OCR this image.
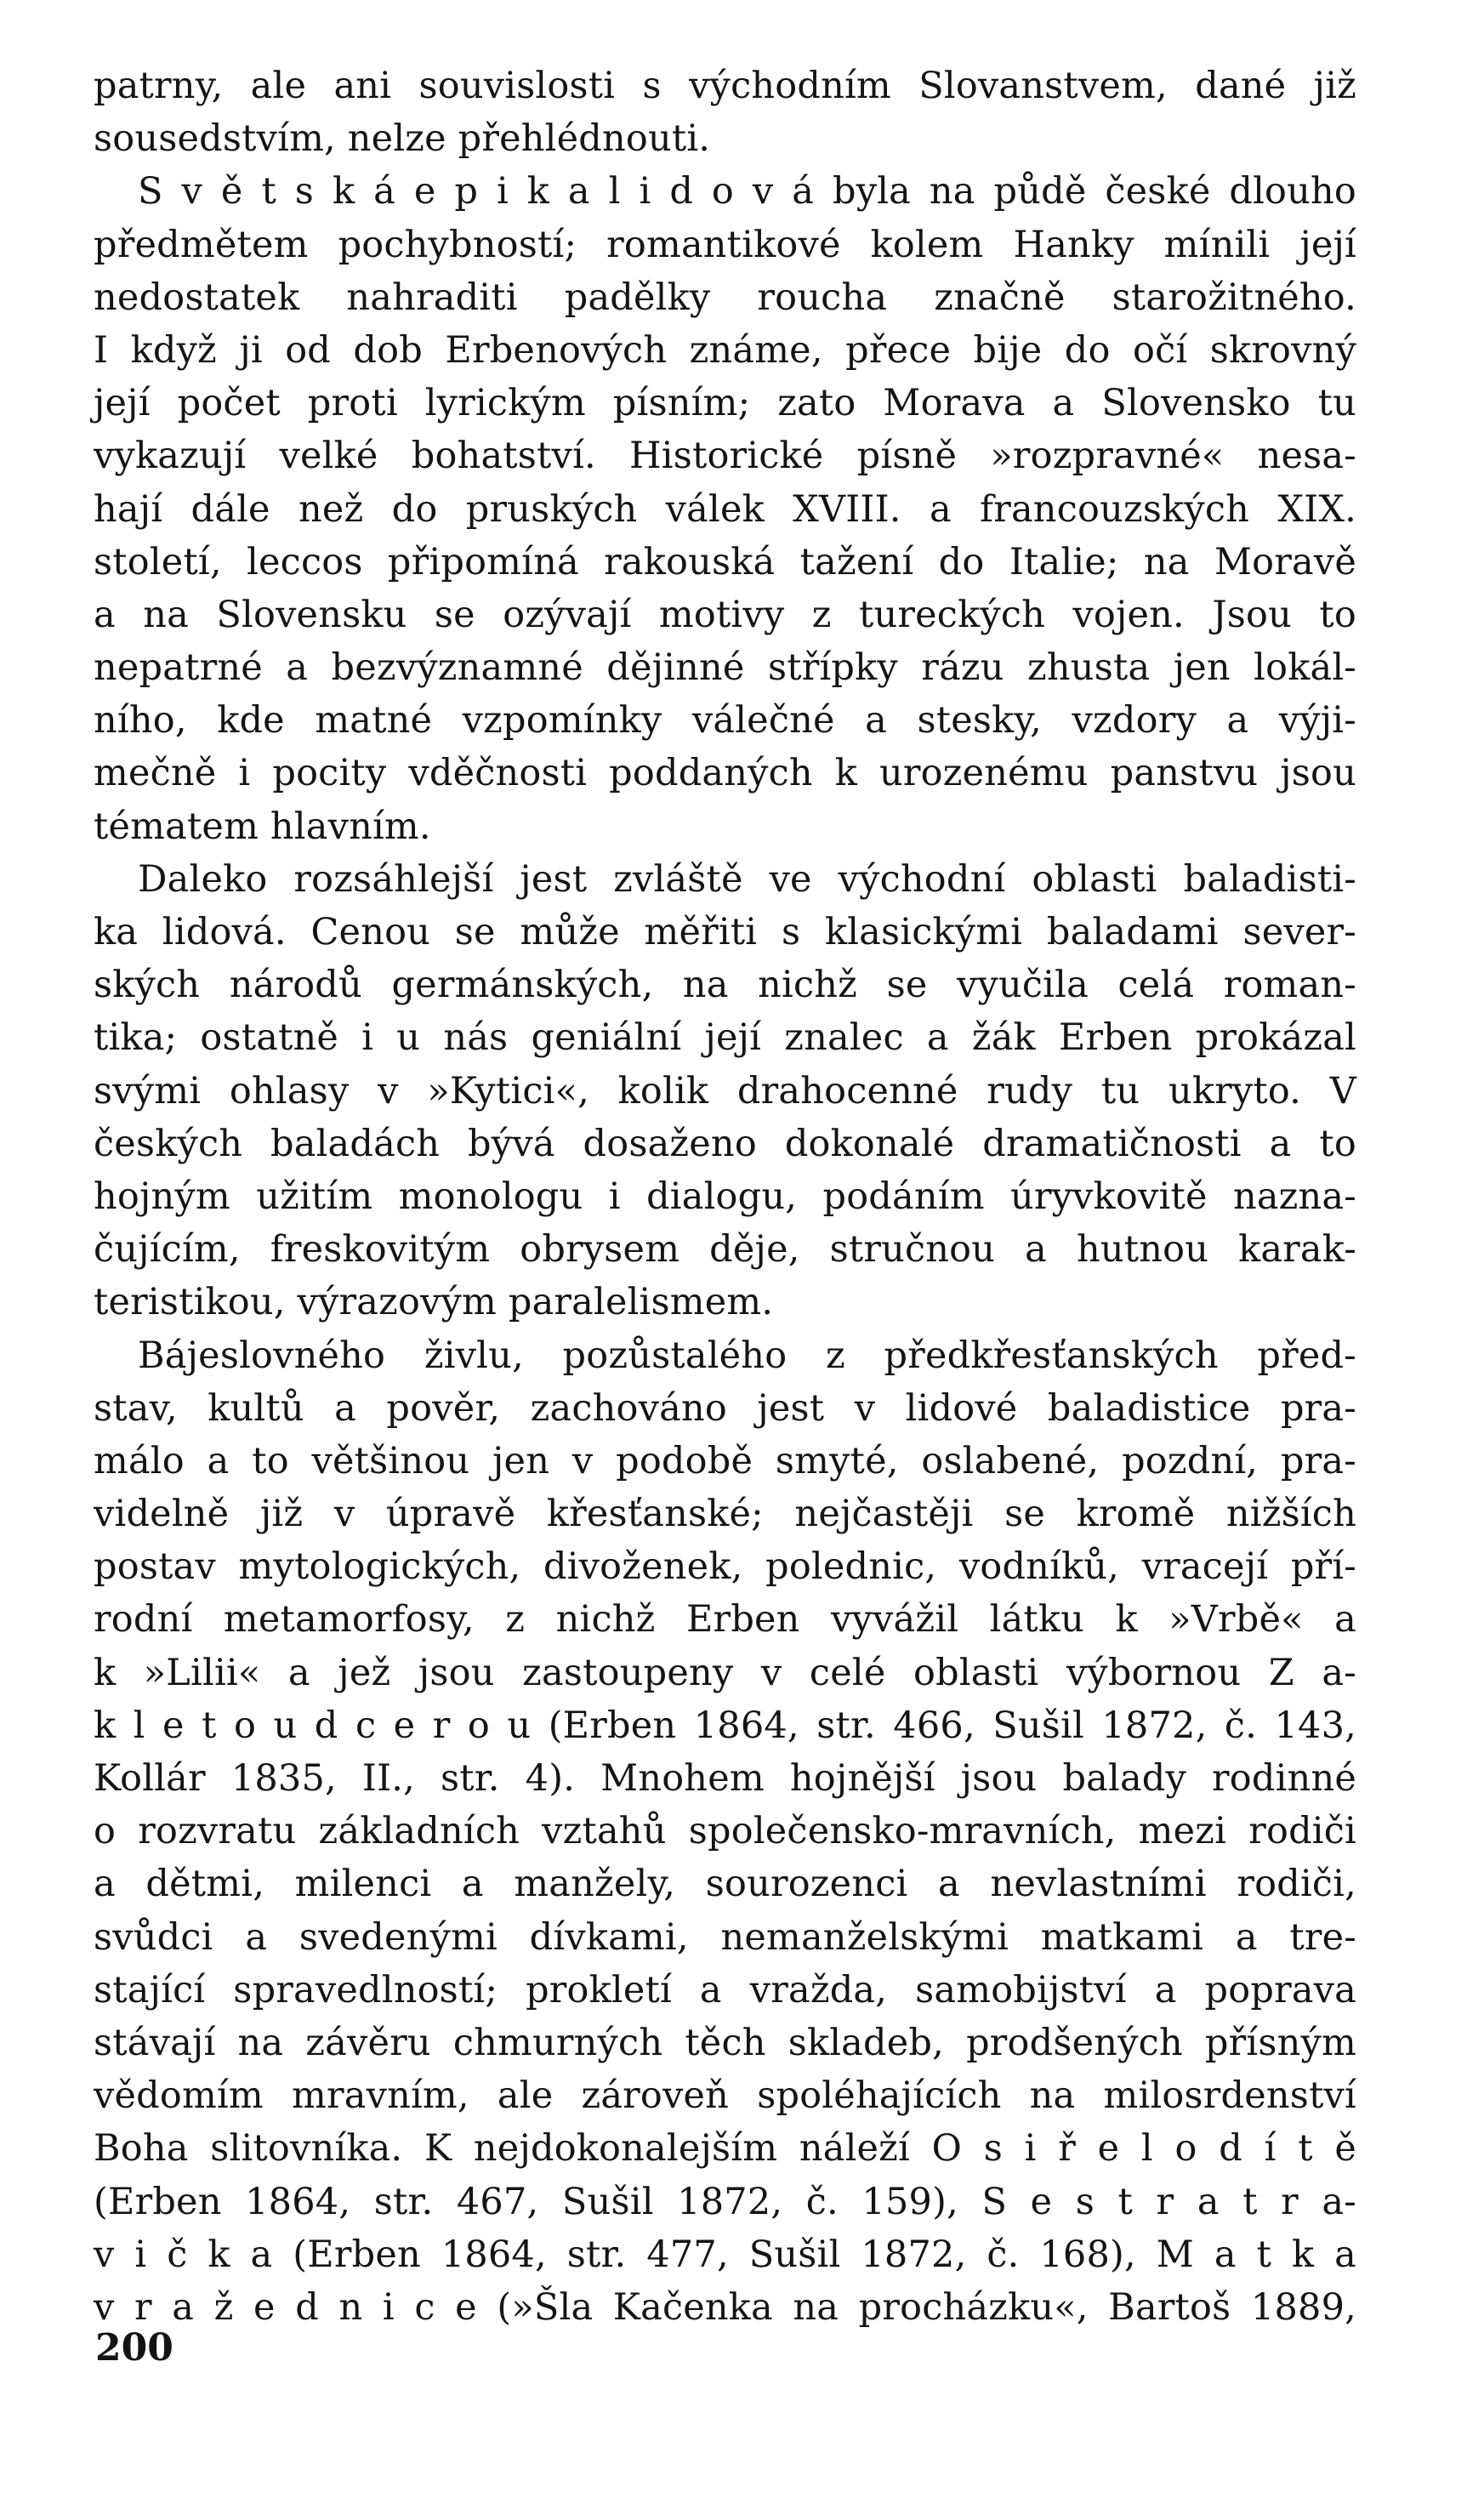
patrny, ale ani souvislosti s východním Slovanstvem, dané již
sousedstvím, nelze přehlédnouti.
S v ě t s k á e p i k a l i d o v á byla na půdě české dlouho
předmětem pochybností; romantikové kolem Hanky mínili její
nedostatek nahraditi padělky roucha značně starožitného.
I když ji od dob Erbenových známe, přece bije do očí skrovný
její počet proti lyrickým písním; zato Morava a Slovensko tu
vykazují velké bohatství. Historické písně »rozpravné« nesa-
hají dále než do pruských válek XVIII. a francouzských XIX.
století, leccos připomíná rakouská tažení do Italie; na Moravě
a na Slovensku se ozývají motivy z tureckých vojen. Jsou to
nepatrné a bezvýznamné dějinné střípky rázu zhusta jen lokál-
ního, kde matné vzpomínky válečné a stesky, vzdory a výji-
mečně i pocity vděčnosti poddaných k urozenému panstvu jsou
tématem hlavním.
Daleko rozsáhlejší jest zvláště ve východní oblasti baladisti-
ka lidová. Cenou se může měřiti s klasickými baladami sever-
ských národů germánských, na nichž se vyučila celá roman-
tika; ostatně i u nás geniální její znalec a žák Erben prokázal
svými ohlasy v »Kytici«, kolik drahocenné rudy tu ukryto. V
českých baladách bývá dosaženo dokonalé dramatičnosti a to
hojným užitím monologu i dialogu, podáním úryvkovitě nazna-
čujícím, freskovitým obrysem děje, stručnou a hutnou karak-
teristikou, výrazovým paralelismem.
Bájeslovného živlu, pozůstalého z předkřesťanských před-
stav, kultů a pověr, zachováno jest v lidové baladistice pra-
málo a to většinou jen v podobě smyté, oslabené, pozdní, pra-
videlně již v úpravě křesťanské; nejčastěji se kromě nižších
postav mytologických, divoženek, polednic, vodníků, vracejí pří-
rodní metamorfosy, z nichž Erben vyvážil látku k »Vrbě« a
k »Lilii« a jež jsou zastoupeny v celé oblasti výbornou Z a-
k l e t o u d c e r o u (Erben 1864, str. 466, Sušil 1872, č. 143,
Kollár 1835, II., str. 4). Mnohem hojnější jsou balady rodinné
o rozvratu základních vztahů společensko-mravních, mezi rodiči
a dětmi, milenci a manžely, sourozenci a nevlastními rodiči,
svůdci a svedenými dívkami, nemanželskými matkami a tre-
stající spravedlností; prokletí a vražda, samobijství a poprava
stávají na závěru chmurných těch skladeb, prodšených přísným
vědomím mravním, ale zároveň spoléhajících na milosrdenství
Boha slitovníka. K nejdokonalejším náleží O s i ř e l o d í t ě
(Erben 1864, str. 467, Sušil 1872, č. 159), S e s t r a t r a-
v i č k a (Erben 1864, str. 477, Sušil 1872, č. 168), M a t k a
v r a ž e d n i c e (»Šla Kačenka na procházku«, Bartoš 1889,
200
